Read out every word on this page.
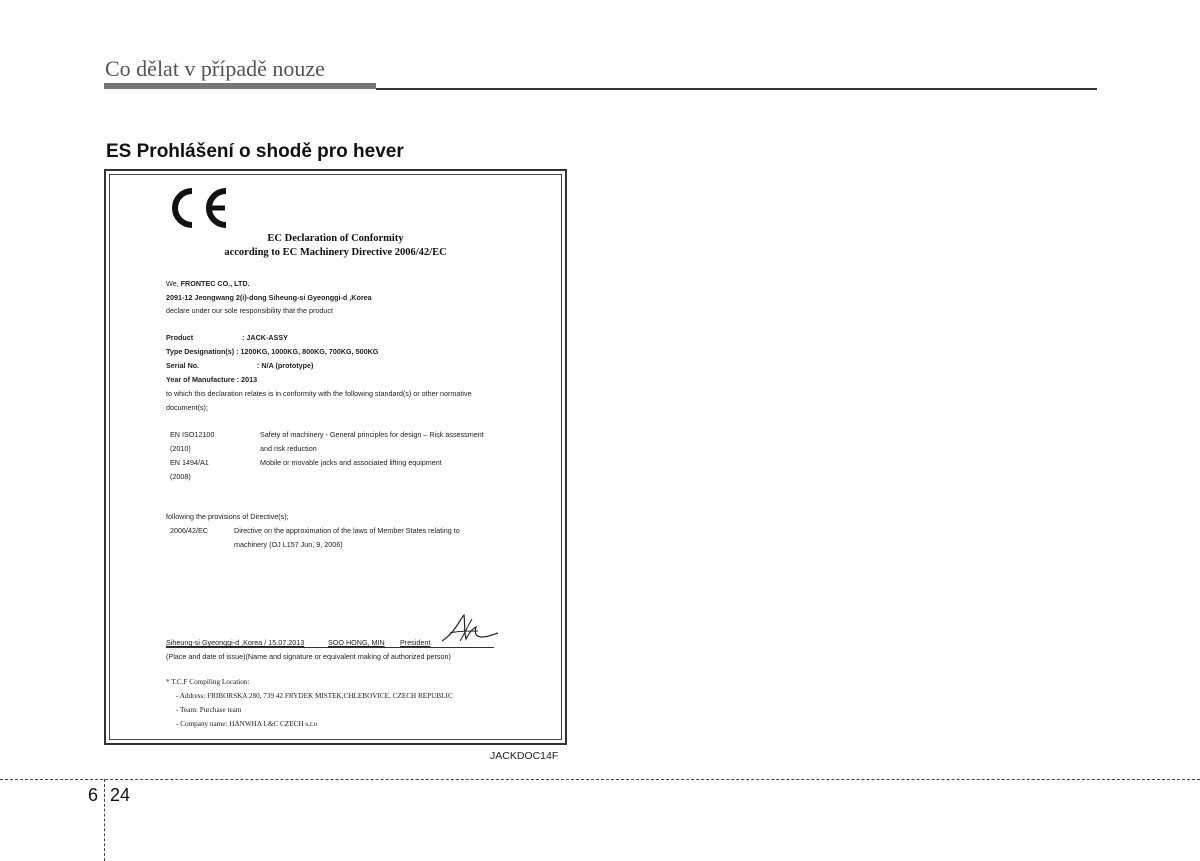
Co dělat v případě nouze
ES Prohlášení o shodě pro hever
EC Declaration of Conformity
according to EC Machinery Directive 2006/42/EC
We, FRONTEC CO., LTD.
2091-12 Jeongwang 2(i)-dong Siheung-si Gyeonggi-d ,Korea
declare under our sole responsibility that the product
Product	: JACK-ASSY
Type Designation(s) : 1200KG, 1000KG, 800KG, 700KG, 500KG
Serial No.	: N/A (prototype)
Year of Manufacture : 2013
to which this declaration relates is in conformity with the following standard(s) or other normative
document(s);
EN ISO12100	Safety of machinery - General principles for design – Risk assessment
(2010)	and risk reduction
EN 1494/A1	Mobile or movable jacks and associated lifting equipment
(2008)
following the provisions of Directive(s);
2006/42/EC	Directive on the approximation of the laws of Member States relating to
machinery (OJ L157 Jun, 9, 2006)
Siheung-si Gyeonggi-d ,Korea / 15.07.2013	SOO HONG, MIN President
(Place and date of issue)(Name and signature or equivalent making of authorized person)
* T.C.F Compiling Location:
- Address: FRIBORSKA 280, 739 42 FRYDEK MISTEK,CHLEBOVICE, CZECH REPUBLIC
- Team: Purchase team
- Company name: HANWHA L&C CZECH s.r.o
JACKDOC14F
6 24
